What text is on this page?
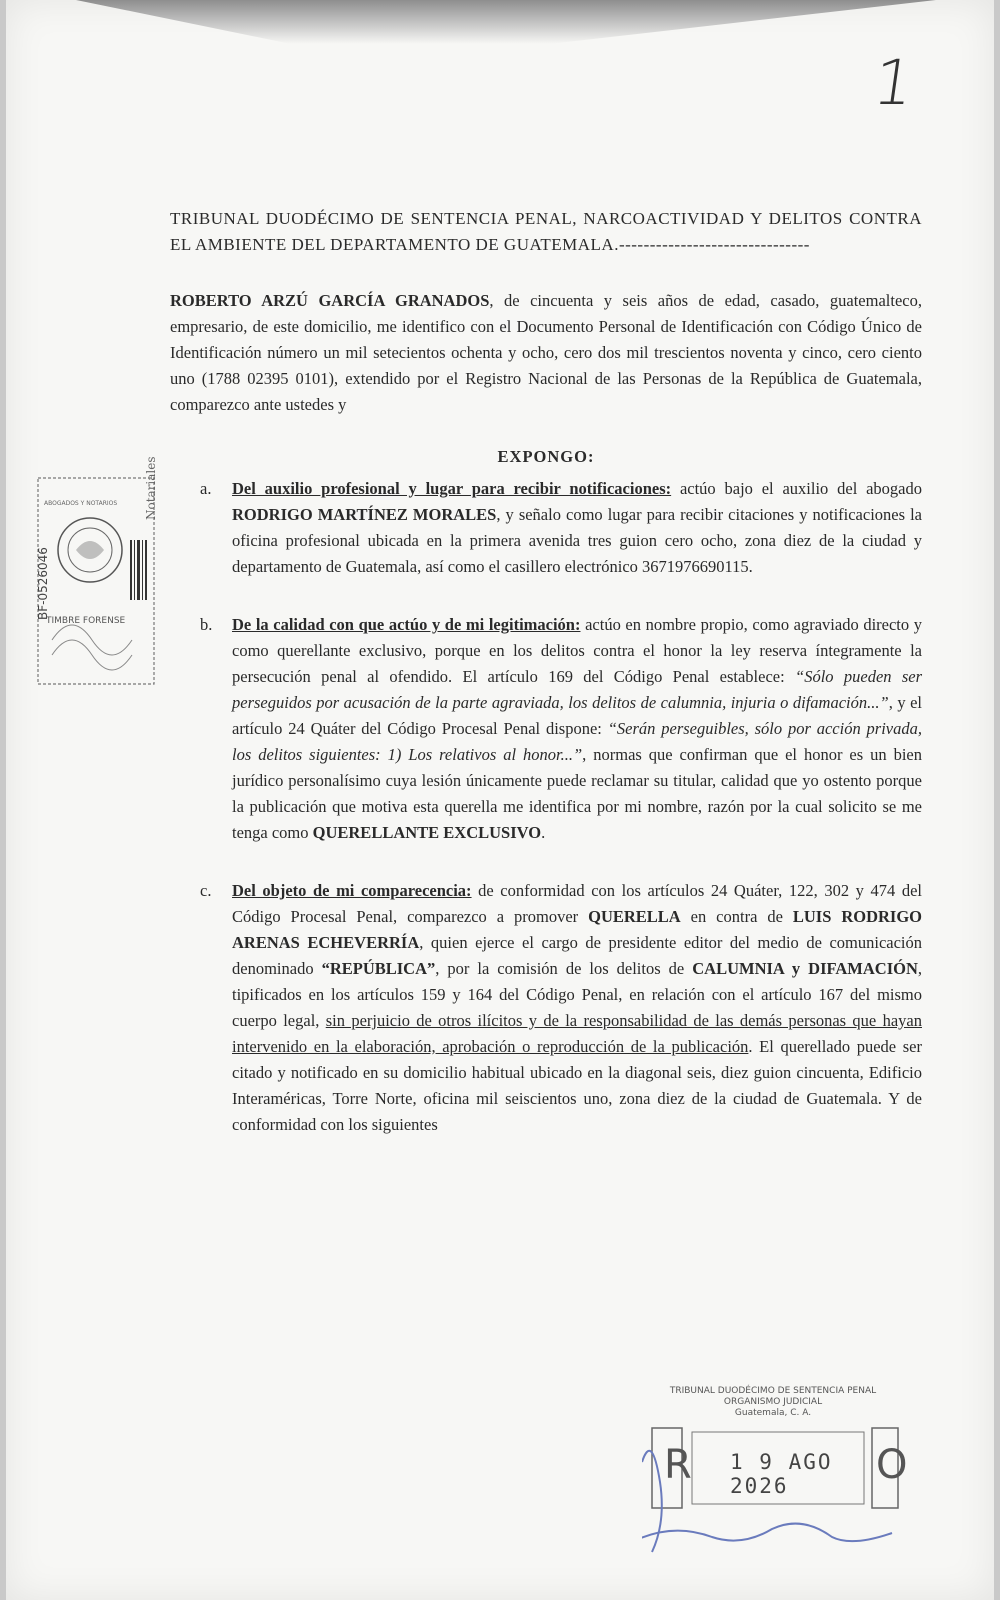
1
TRIBUNAL DUODÉCIMO DE SENTENCIA PENAL, NARCOACTIVIDAD Y DELITOS CONTRA EL AMBIENTE DEL DEPARTAMENTO DE GUATEMALA.-------------------------------
ROBERTO ARZÚ GARCÍA GRANADOS, de cincuenta y seis años de edad, casado, guatemalteco, empresario, de este domicilio, me identifico con el Documento Personal de Identificación con Código Único de Identificación número un mil setecientos ochenta y ocho, cero dos mil trescientos noventa y cinco, cero ciento uno (1788 02395 0101), extendido por el Registro Nacional de las Personas de la República de Guatemala, comparezco ante ustedes y
EXPONGO:
a. Del auxilio profesional y lugar para recibir notificaciones: actúo bajo el auxilio del abogado RODRIGO MARTÍNEZ MORALES, y señalo como lugar para recibir citaciones y notificaciones la oficina profesional ubicada en la primera avenida tres guion cero ocho, zona diez de la ciudad y departamento de Guatemala, así como el casillero electrónico 3671976690115.
b. De la calidad con que actúo y de mi legitimación: actúo en nombre propio, como agraviado directo y como querellante exclusivo, porque en los delitos contra el honor la ley reserva íntegramente la persecución penal al ofendido. El artículo 169 del Código Penal establece: “Sólo pueden ser perseguidos por acusación de la parte agraviada, los delitos de calumnia, injuria o difamación...”, y el artículo 24 Quáter del Código Procesal Penal dispone: “Serán perseguibles, sólo por acción privada, los delitos siguientes: 1) Los relativos al honor...”, normas que confirman que el honor es un bien jurídico personalísimo cuya lesión únicamente puede reclamar su titular, calidad que yo ostento porque la publicación que motiva esta querella me identifica por mi nombre, razón por la cual solicito se me tenga como QUERELLANTE EXCLUSIVO.
c. Del objeto de mi comparecencia: de conformidad con los artículos 24 Quáter, 122, 302 y 474 del Código Procesal Penal, comparezco a promover QUERELLA en contra de LUIS RODRIGO ARENAS ECHEVERRÍA, quien ejerce el cargo de presidente editor del medio de comunicación denominado “REPÚBLICA”, por la comisión de los delitos de CALUMNIA y DIFAMACIÓN, tipificados en los artículos 159 y 164 del Código Penal, en relación con el artículo 167 del mismo cuerpo legal, sin perjuicio de otros ilícitos y de la responsabilidad de las demás personas que hayan intervenido en la elaboración, aprobación o reproducción de la publicación. El querellado puede ser citado y notificado en su domicilio habitual ubicado en la diagonal seis, diez guion cincuenta, Edificio Interaméricas, Torre Norte, oficina mil seiscientos uno, zona diez de la ciudad de Guatemala. Y de conformidad con los siguientes
BF-0526046
TIMBRE FORENSE
ABOGADOS Y NOTARIOS Notariales
TRIBUNAL DUODÉCIMO DE SENTENCIA PENAL
ORGANISMO JUDICIAL
Guatemala, C. A.
R	O
1 9 AGO 2026
